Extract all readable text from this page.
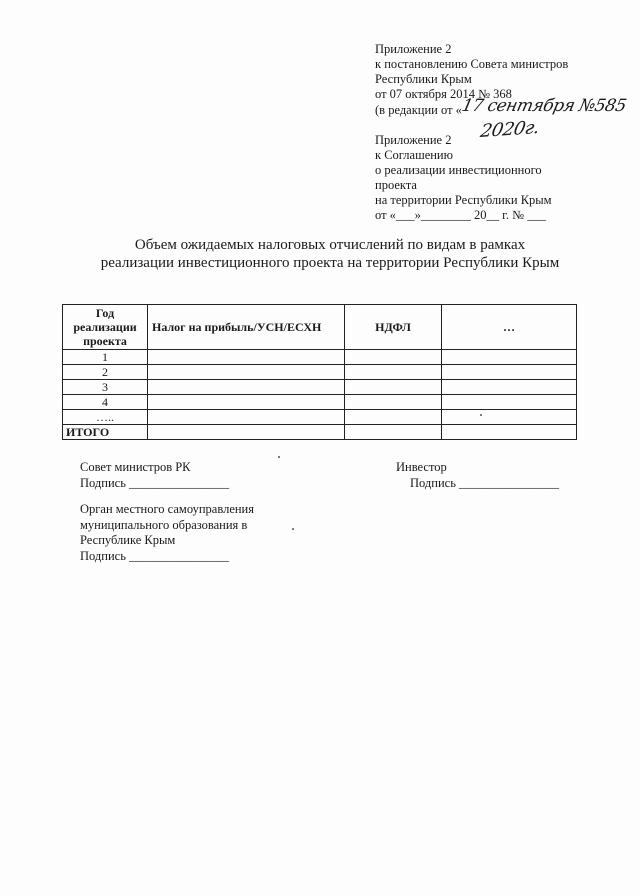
Приложение 2
к постановлению Совета министров
Республики Крым
от 07 октября 2014 № 368
(в редакции от «17 сентября №585
2020г.
Приложение 2
к Соглашению
о реализации инвестиционного
проекта
на территории Республики Крым
от «___»________ 20__ г. № ___
Объем ожидаемых налоговых отчислений по видам в рамках реализации инвестиционного проекта на территории Республики Крым
Год реализации проекта	Налог на прибыль/УСН/ЕСХН	НДФЛ	…
1			
2			
3			
4			
…..			
ИТОГО			
Совет министров РК
Подпись ________________
Инвестор
Подпись ________________
Орган местного самоуправления
муниципального образования в
Республике Крым
Подпись ________________
